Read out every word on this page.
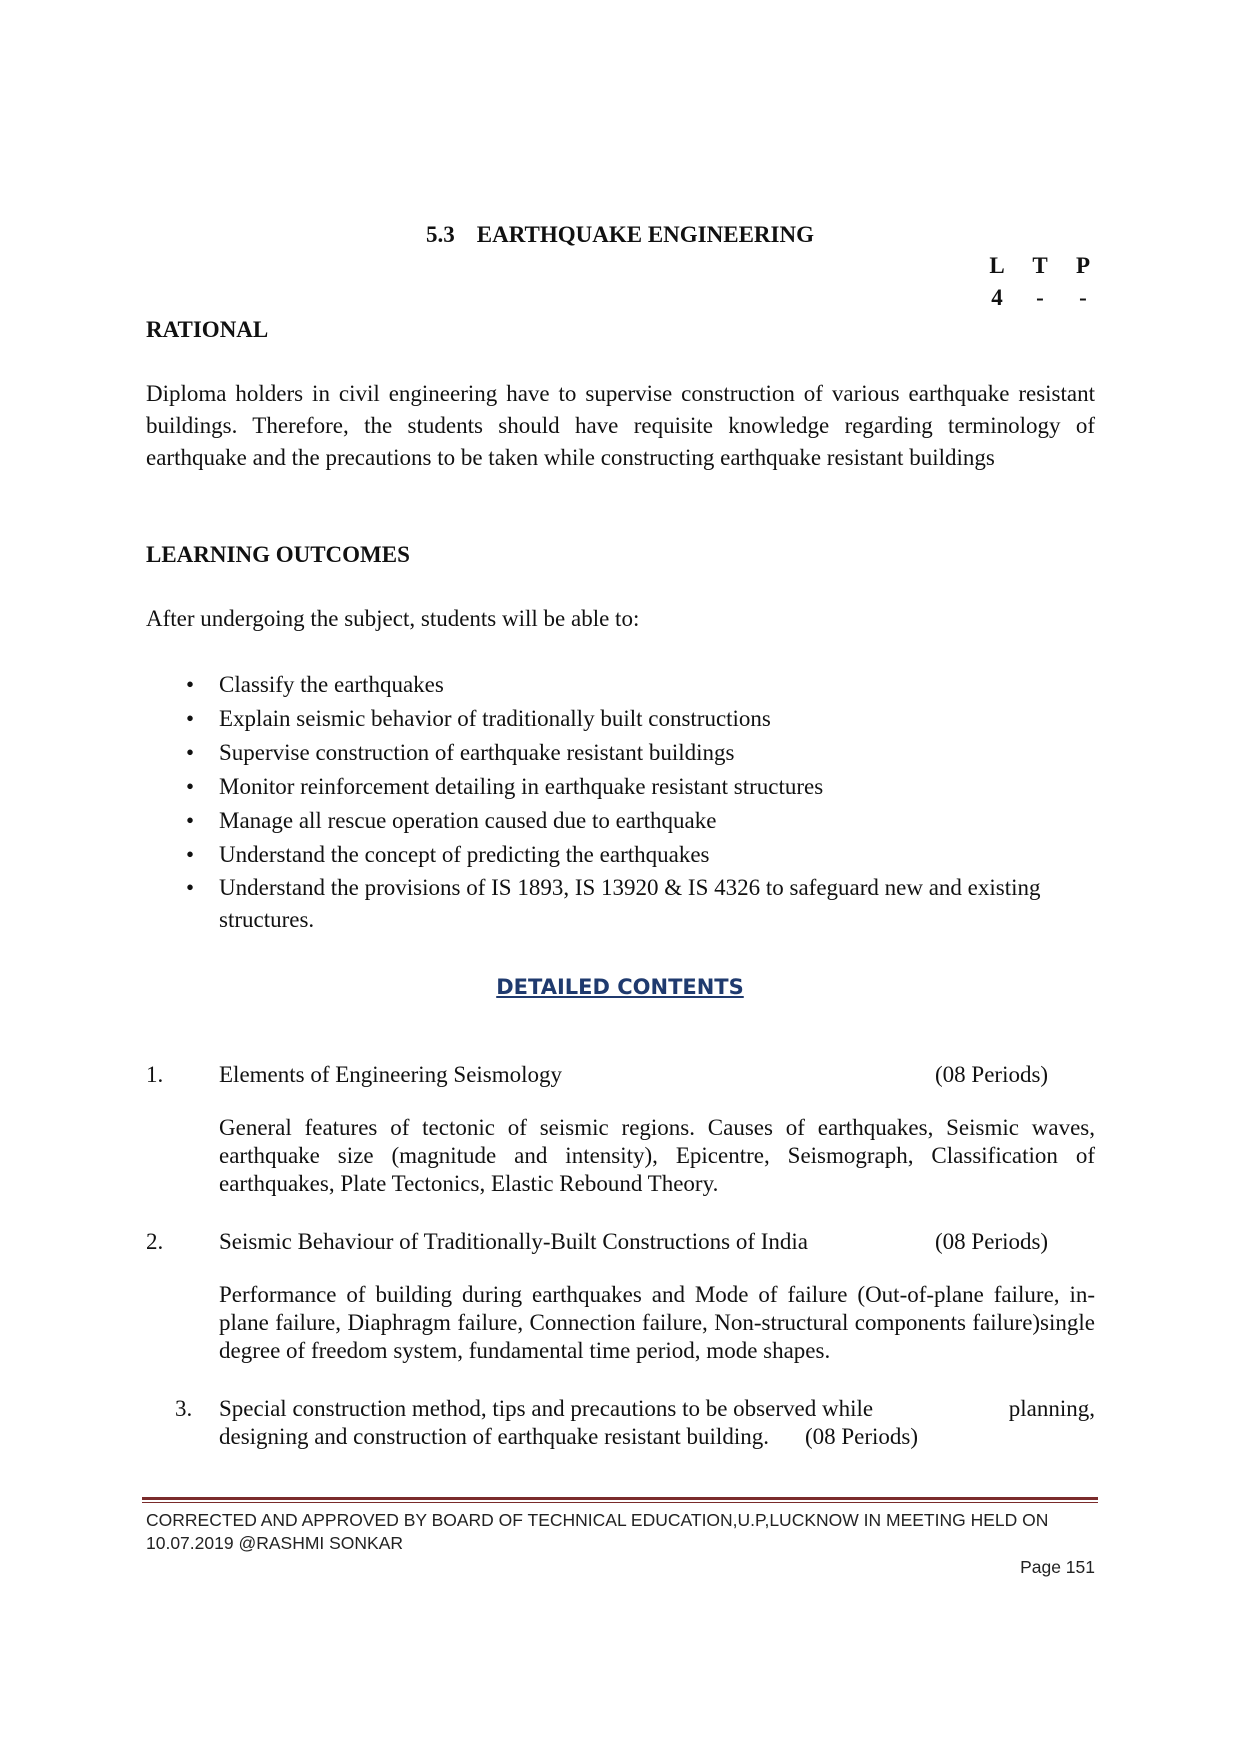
5.3 EARTHQUAKE ENGINEERING
L T P
4	-	-
RATIONAL
Diploma holders in civil engineering have to supervise construction of various earthquake resistant buildings. Therefore, the students should have requisite knowledge regarding terminology of earthquake and the precautions to be taken while constructing earthquake resistant buildings
LEARNING OUTCOMES
After undergoing the subject, students will be able to:
• Classify the earthquakes
• Explain seismic behavior of traditionally built constructions
• Supervise construction of earthquake resistant buildings
• Monitor reinforcement detailing in earthquake resistant structures
• Manage all rescue operation caused due to earthquake
• Understand the concept of predicting the earthquakes
• Understand the provisions of IS 1893, IS 13920 & IS 4326 to safeguard new and existing structures.
DETAILED CONTENTS
1. Elements of Engineering Seismology	(08 Periods)
General features of tectonic of seismic regions. Causes of earthquakes, Seismic waves, earthquake size (magnitude and intensity), Epicentre, Seismograph, Classification of earthquakes, Plate Tectonics, Elastic Rebound Theory.
2. Seismic Behaviour of Traditionally-Built Constructions of India	(08 Periods)
Performance of building during earthquakes and Mode of failure (Out-of-plane failure, in-plane failure, Diaphragm failure, Connection failure, Non-structural components failure)single degree of freedom system, fundamental time period, mode shapes.
3. Special construction method, tips and precautions to be observed while	planning,
designing and construction of earthquake resistant building. (08 Periods)
CORRECTED AND APPROVED BY BOARD OF TECHNICAL EDUCATION,U.P,LUCKNOW IN MEETING HELD ON 10.07.2019 @RASHMI SONKAR
Page 151
